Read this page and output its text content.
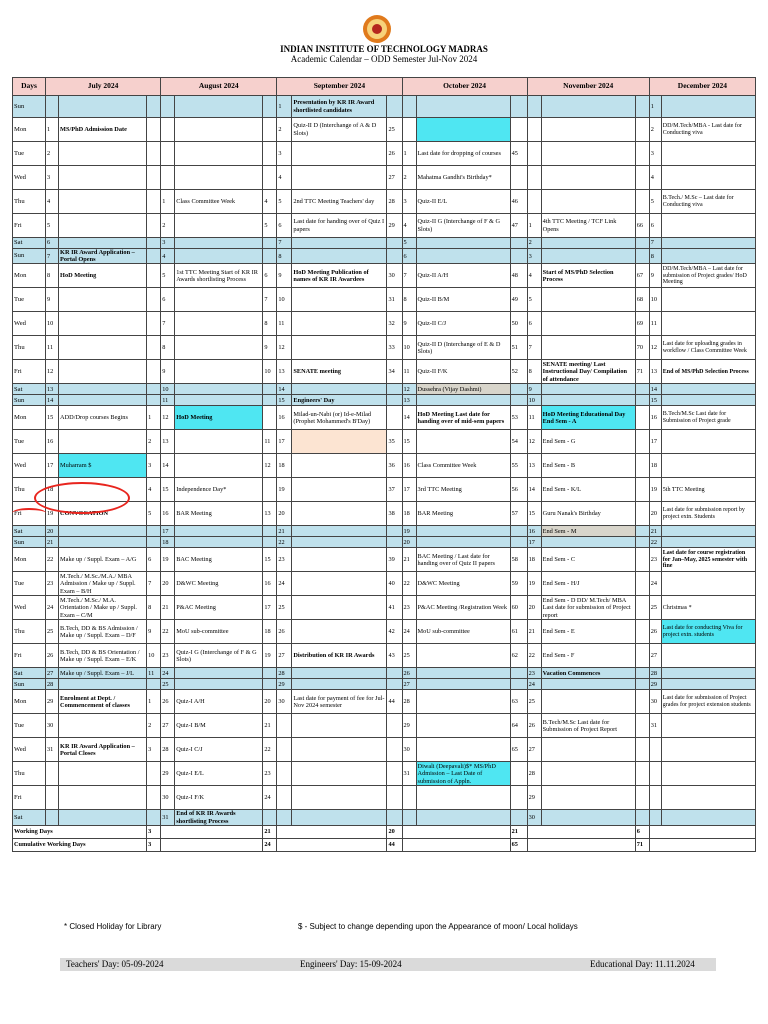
INDIAN INSTITUTE OF TECHNOLOGY MADRAS
Academic Calendar – ODD Semester Jul-Nov 2024
Days	July 2024			August 2024			September 2024			October 2024			November 2024			December 2024	
Sun							1	Presentation by KR IR Award shortlisted candidates								1	
Mon	1	MS/PhD Admission Date					2	Quiz-II D (Interchange of A & D Slots)	25							2	DD/M.Tech/MBA - Last date for Conducting viva
Tue	2						3		26	1	Last date for dropping of courses	45				3	
Wed	3						4		27	2	Mahatma Gandhi's Birthday*					4	
Thu	4			1	Class Committee Week	4	5	2nd TTC Meeting Teachers' day	28	3	Quiz-II E/L	46				5	B.Tech./ M.Sc – Last date for Conducting viva
Fri	5			2		5	6	Last date for handing over of Quiz I papers	29	4	Quiz-II G (Interchange of F & G Slots)	47	1	4th TTC Meeting / TCF Link Opens	66	6	
Sat	6			3			7			5			2			7	
Sun	7	KR IR Award Application – Portal Opens		4			8			6			3			8	
Mon	8	HoD Meeting		5	1st TTC Meeting Start of KR IR Awards shortlisting Process	6	9	HoD Meeting Publication of names of KR IR Awardees	30	7	Quiz-II A/H	48	4	Start of MS/PhD Selection Process	67	9	DD/M.Tech/MBA – Last date for submission of Project grades/ HoD Meeting
Tue	9			6		7	10		31	8	Quiz-II B/M	49	5		68	10	
Wed	10			7		8	11		32	9	Quiz-II C/J	50	6		69	11	
Thu	11			8		9	12		33	10	Quiz-II D (Interchange of E & D Slots)	51	7		70	12	Last date for uploading grades in workflow / Class Committee Week
Fri	12			9		10	13	SENATE meeting	34	11	Quiz-II F/K	52	8	SENATE meeting/ Last Instructional Day/ Compilation of attendance	71	13	End of MS/PhD Selection Process
Sat	13			10			14			12	Dussehra (Vijay Dashmi)		9			14	
Sun	14			11			15	Engineers' Day		13			10			15	
Mon	15	ADD/Drop courses Begins	1	12	HoD Meeting		16	Milad-un-Nabi (or) Id-e-Milad (Prophet Mohammed's B'Day)		14	HoD Meeting Last date for handing over of mid-sem papers	53	11	HoD Meeting Educational Day End Sem - A		16	B.Tech/M.Sc Last date for Submission of Project grade
Tue	16		2	13		11	17		35	15		54	12	End Sem - G		17	
Wed	17	Muharram $	3	14		12	18		36	16	Class Committee Week	55	13	End Sem - B		18	
Thu	18		4	15	Independence Day*		19		37	17	3rd TTC Meeting	56	14	End Sem - K/L		19	5th TTC Meeting
Fri	19	CONVOCATION	5	16	BAR Meeting	13	20		38	18	BAR Meeting	57	15	Guru Nanak's Birthday		20	Last date for submission report by project extn. Students
Sat	20			17			21			19			16	End Sem - M		21	
Sun	21			18			22			20			17			22	
Mon	22	Make up / Suppl. Exam – A/G	6	19	BAC Meeting	15	23		39	21	BAC Meeting / Last date for handing over of Quiz II papers	58	18	End Sem - C		23	Last date for course registration for Jan–May, 2025 semester with fine
Tue	23	M.Tech./ M.Sc./M.A./ MBA Admission / Make up / Suppl. Exam – B/H	7	20	D&WC Meeting	16	24		40	22	D&WC Meeting	59	19	End Sem - H/J		24	
Wed	24	M.Tech./ M.Sc./ M.A. Orientation / Make up / Suppl. Exam – C/M	8	21	P&AC Meeting	17	25		41	23	P&AC Meeting /Registration Week	60	20	End Sem - D DD/ M.Tech/ MBA Last date for submission of Project report		25	Christmas *
Thu	25	B.Tech, DD & BS Admission / Make up / Suppl. Exam – D/F	9	22	MoU sub-committee	18	26		42	24	MoU sub-committee	61	21	End Sem - E		26	Last date for conducting Viva for project extn. students
Fri	26	B.Tech, DD & BS Orientation / Make up / Suppl. Exam – E/K	10	23	Quiz-I G (Interchange of F & G Slots)	19	27	Distribution of KR IR Awards	43	25		62	22	End Sem - F		27	
Sat	27	Make up / Suppl. Exam – J/L	11	24			28			26			23	Vacation Commences		28	
Sun	28			25			29			27			24			29	
Mon	29	Enrolment at Dept. / Commencement of classes	1	26	Quiz-I A/H	20	30	Last date for payment of fee for Jul- Nov 2024 semester	44	28		63	25			30	Last date for submission of Project grades for project extension students
Tue	30		2	27	Quiz-I B/M	21				29		64	26	B.Tech/M.Sc Last date for Submission of Project Report		31	
Wed	31	KR IR Award Application – Portal Closes	3	28	Quiz-I C/J	22				30		65	27				
Thu				29	Quiz-I E/L	23				31	Diwali (Deepavali)$* MS/PhD Admission – Last Date of submission of Appln.		28				
Fri				30	Quiz-I F/K	24							29				
Sat				31	End of KR IR Awards shortlisting Process								30				
Working Days			3			21			20			21			6		
Cumulative Working Days			3			24			44			65			71		
* Closed Holiday for Library	$ - Subject to change depending upon the Appearance of moon/ Local holidays
Teachers' Day: 05-09-2024	Engineers' Day: 15-09-2024	Educational Day: 11.11.2024
